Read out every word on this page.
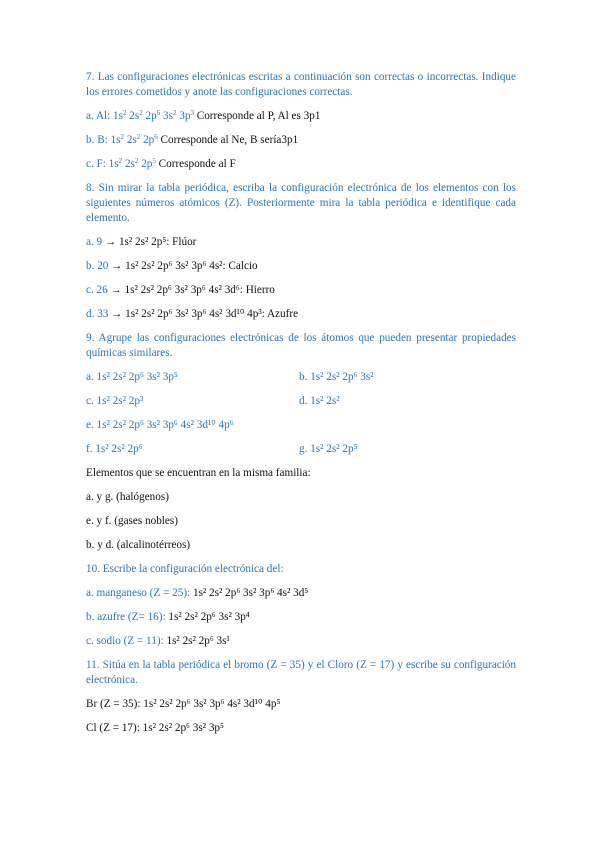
7. Las configuraciones electrónicas escritas a continuación son correctas o incorrectas. Indique los errores cometidos y anote las configuraciones correctas.

a. Al: $1s^2$ $2s^2$ $2p^6$ $3s^2$ $3p^3$ Corresponde al P, Al es 3p1

b. B: $1s^2$ $2s^2$ $2p^6$ Corresponde al Ne, B sería3p1

c. F: $1s^2$ $2s^2$ $2p^5$ Corresponde al F

8. Sin mirar la tabla periódica, escriba la configuración electrónica de los elementos con los siguientes números atómicos (Z). Posteriormente mira la tabla periódica e identifique cada elemento.

a. 9 → 1s² 2s² 2p⁵: Flúor

b. 20 → 1s² 2s² 2p⁶ 3s² 3p⁶ 4s²: Calcio

c. 26 → 1s² 2s² 2p⁶ 3s² 3p⁶ 4s² 3d⁶: Hierro

d. 33 → 1s² 2s² 2p⁶ 3s² 3p⁶ 4s² 3d¹⁰ 4p³: Azufre

9. Agrupe las configuraciones electrónicas de los átomos que pueden presentar propiedades químicas similares.

a. 1s² 2s² 2p⁶ 3s² 3p⁵	b. 1s² 2s² 2p⁶ 3s²
c. 1s² 2s² 2p³	d. 1s² 2s²
e. 1s² 2s² 2p⁶ 3s² 3p⁶ 4s² 3d¹⁰ 4p⁶
f. 1s² 2s² 2p⁶	g. 1s² 2s² 2p⁵

Elementos que se encuentran en la misma familia:

a. y g. (halógenos)

e. y f. (gases nobles)

b. y d. (alcalinotérreos)

10. Escribe la configuración electrónica del:

a. manganeso (Z = 25): 1s² 2s² 2p⁶ 3s² 3p⁶ 4s² 3d⁵

b. azufre (Z= 16): 1s² 2s² 2p⁶ 3s² 3p⁴

c. sodio (Z = 11): 1s² 2s² 2p⁶ 3s¹

11. Sitúa en la tabla periódica el bromo (Z = 35) y el Cloro (Z = 17) y escribe su configuración electrónica.

Br (Z = 35): 1s² 2s² 2p⁶ 3s² 3p⁶ 4s² 3d¹⁰ 4p⁵

Cl (Z = 17): 1s² 2s² 2p⁶ 3s² 3p⁵
